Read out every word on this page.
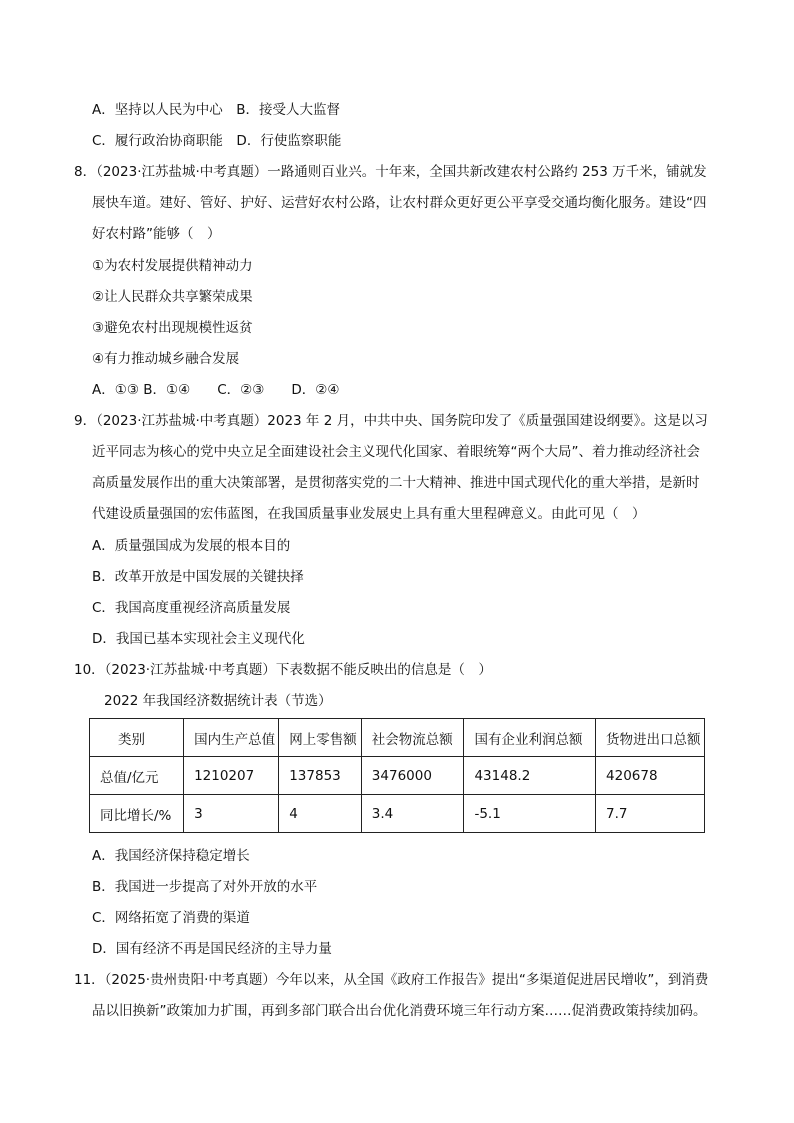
A．坚持以人民为中心　B．接受人大监督
C．履行政治协商职能　D．行使监察职能
8．（2023·江苏盐城·中考真题）一路通则百业兴。十年来，全国共新改建农村公路约 253 万千米，铺就发
展快车道。建好、管好、护好、运营好农村公路，让农村群众更好更公平享受交通均衡化服务。建设“四
好农村路”能够（　）
①为农村发展提供精神动力
②让人民群众共享繁荣成果
③避免农村出现规模性返贫
④有力推动城乡融合发展
A．①③ B．①④　　C．②③　　D．②④
9．（2023·江苏盐城·中考真题）2023 年 2 月，中共中央、国务院印发了《质量强国建设纲要》。这是以习
近平同志为核心的党中央立足全面建设社会主义现代化国家、着眼统筹“两个大局”、着力推动经济社会
高质量发展作出的重大决策部署，是贯彻落实党的二十大精神、推进中国式现代化的重大举措，是新时
代建设质量强国的宏伟蓝图，在我国质量事业发展史上具有重大里程碑意义。由此可见（　）
A．质量强国成为发展的根本目的
B．改革开放是中国发展的关键抉择
C．我国高度重视经济高质量发展
D．我国已基本实现社会主义现代化
10．（2023·江苏盐城·中考真题）下表数据不能反映出的信息是（　）
2022 年我国经济数据统计表（节选）
类别	国内生产总值	网上零售额	社会物流总额	国有企业利润总额	货物进出口总额
总值/亿元	1210207	137853	3476000	43148.2	420678
同比增长/%	3	4	3.4	-5.1	7.7
A．我国经济保持稳定增长
B．我国进一步提高了对外开放的水平
C．网络拓宽了消费的渠道
D．国有经济不再是国民经济的主导力量
11．（2025·贵州贵阳·中考真题）今年以来，从全国《政府工作报告》提出“多渠道促进居民增收”，到消费
品以旧换新”政策加力扩围，再到多部门联合出台优化消费环境三年行动方案……促消费政策持续加码。
